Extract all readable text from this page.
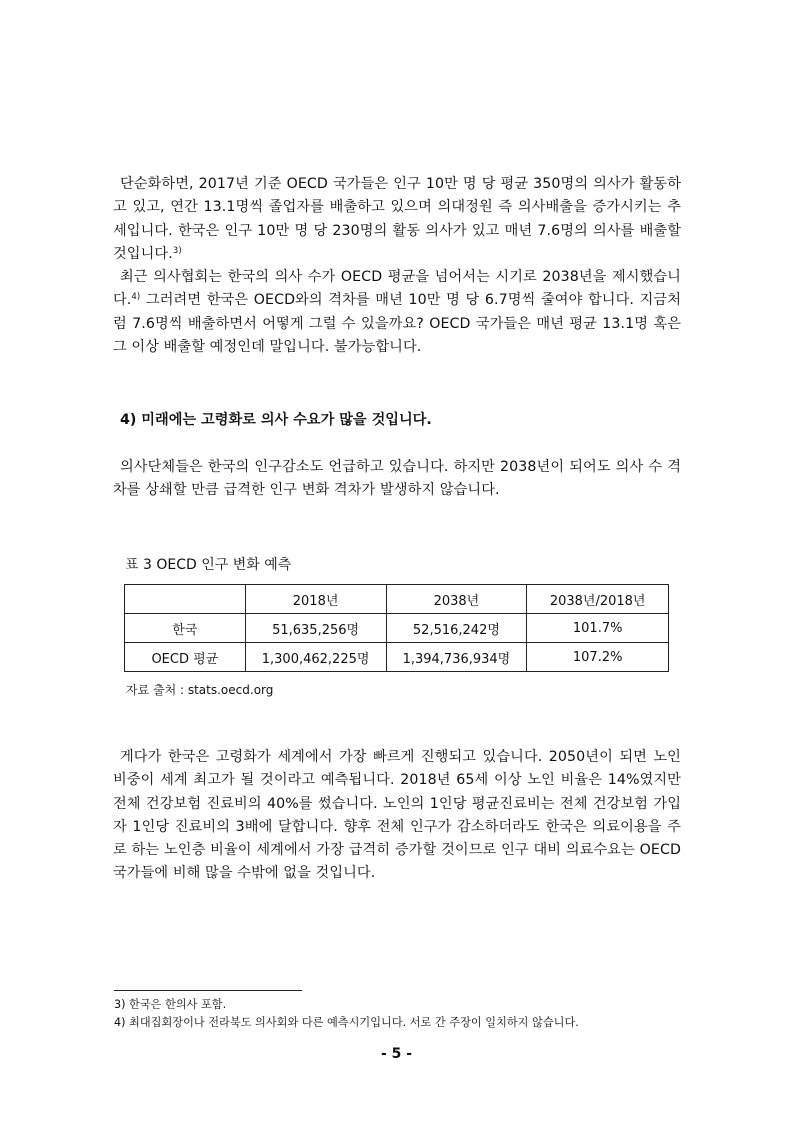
단순화하면, 2017년 기준 OECD 국가들은 인구 10만 명 당 평균 350명의 의사가 활동하고 있고, 연간 13.1명씩 졸업자를 배출하고 있으며 의대정원 즉 의사배출을 증가시키는 추세입니다. 한국은 인구 10만 명 당 230명의 활동 의사가 있고 매년 7.6명의 의사를 배출할 것입니다.$^{3)}$

최근 의사협회는 한국의 의사 수가 OECD 평균을 넘어서는 시기로 2038년을 제시했습니다.$^{4)}$ 그러려면 한국은 OECD와의 격차를 매년 10만 명 당 6.7명씩 줄여야 합니다. 지금처럼 7.6명씩 배출하면서 어떻게 그럴 수 있을까요? OECD 국가들은 매년 평균 13.1명 혹은 그 이상 배출할 예정인데 말입니다. 불가능합니다.

4) 미래에는 고령화로 의사 수요가 많을 것입니다.

의사단체들은 한국의 인구감소도 언급하고 있습니다. 하지만 2038년이 되어도 의사 수 격차를 상쇄할 만큼 급격한 인구 변화 격차가 발생하지 않습니다.

표 3 OECD 인구 변화 예측
	2018년	2038년	2038년/2018년
한국	51,635,256명	52,516,242명	101.7%
OECD 평균	1,300,462,225명	1,394,736,934명	107.2%
자료 출처 : stats.oecd.org

게다가 한국은 고령화가 세계에서 가장 빠르게 진행되고 있습니다. 2050년이 되면 노인 비중이 세계 최고가 될 것이라고 예측됩니다. 2018년 65세 이상 노인 비율은 14%였지만 전체 건강보험 진료비의 40%를 썼습니다. 노인의 1인당 평균진료비는 전체 건강보험 가입자 1인당 진료비의 3배에 달합니다. 향후 전체 인구가 감소하더라도 한국은 의료이용을 주로 하는 노인층 비율이 세계에서 가장 급격히 증가할 것이므로 인구 대비 의료수요는 OECD 국가들에 비해 많을 수밖에 없을 것입니다.

3) 한국은 한의사 포함.
4) 최대집회장이나 전라북도 의사회와 다른 예측시기입니다. 서로 간 주장이 일치하지 않습니다.
- 5 -
